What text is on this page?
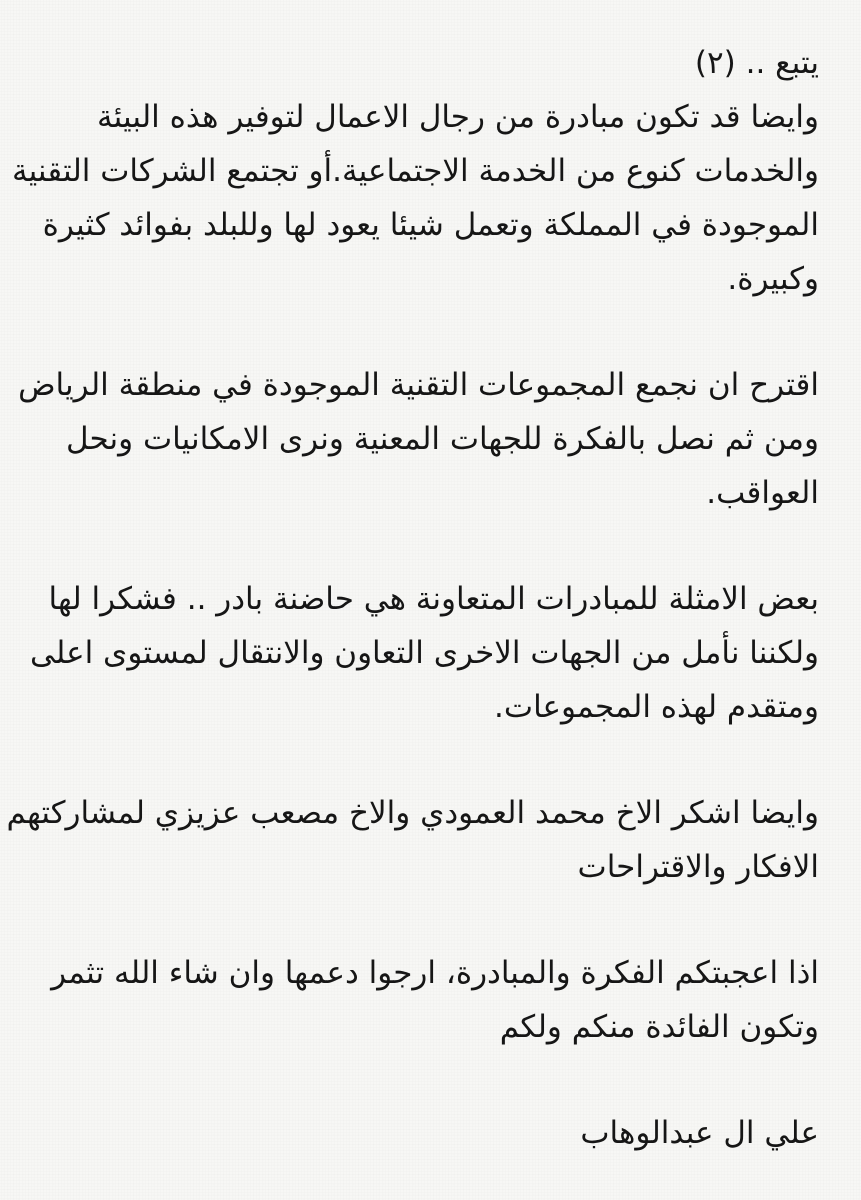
يتبع .. (٢)
وايضا قد تكون مبادرة من رجال الاعمال لتوفير هذه البيئة
والخدمات كنوع من الخدمة الاجتماعية.أو تجتمع الشركات التقنية
الموجودة في المملكة وتعمل شيئا يعود لها وللبلد بفوائد كثيرة
وكبيرة.
اقترح ان نجمع المجموعات التقنية الموجودة في منطقة الرياض
ومن ثم نصل بالفكرة للجهات المعنية ونرى الامكانيات ونحل
العواقب.
بعض الامثلة للمبادرات المتعاونة هي حاضنة بادر .. فشكرا لها
ولكننا نأمل من الجهات الاخرى التعاون والانتقال لمستوى اعلى
ومتقدم لهذه المجموعات.
وايضا اشكر الاخ محمد العمودي والاخ مصعب عزيزي لمشاركتهم
الافكار والاقتراحات
اذا اعجبتكم الفكرة والمبادرة، ارجوا دعمها وان شاء الله تثمر
وتكون الفائدة منكم ولكم
علي ال عبدالوهاب
